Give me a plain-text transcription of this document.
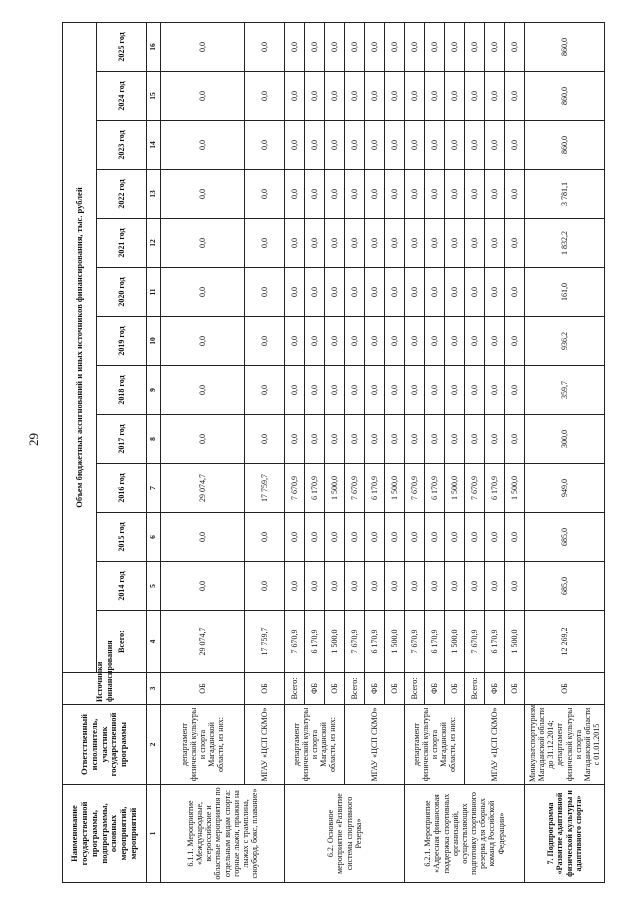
29
Наименование государственной программы, подпрограммы, основных мероприятий, мероприятий	Ответственный исполнитель, участник государственной программы	Источники финансирования	Объем бюджетных ассигнований и иных источников финансирования, тыс. рублей												
			Всего:	2014 год	2015 год	2016 год	2017 год	2018 год	2019 год	2020 год	2021 год	2022 год	2023 год	2024 год	2025 год
1	2	3	4	5	6	7	8	9	10	11	12	13	14	15	16
6.1.1. Мероприятие «Международные, всероссийские и областные мероприятия по отдельным видам спорта: горные лыжи, прыжки на лыжах с трамплина, сноуборд, бокс, плавание»	департамент физической культуры и спорта Магаданской области, из них:	ОБ	29 074,7	0,0	0,0	29 074,7	0,0	0,0	0,0	0,0	0,0	0,0	0,0	0,0	0,0
	МГАУ «ЦСП СКМО»	ОБ	17 759,7	0,0	0,0	17 759,7	0,0	0,0	0,0	0,0	0,0	0,0	0,0	0,0	0,0
6.2. Основное мероприятие «Развитие системы спортивного Резерва»	департамент физической культуры и спорта Магаданской области, из них:	Всего:	7 670,9	0,0	0,0	7 670,9	0,0	0,0	0,0	0,0	0,0	0,0	0,0	0,0	0,0
		ФБ	6 170,9	0,0	0,0	6 170,9	0,0	0,0	0,0	0,0	0,0	0,0	0,0	0,0	0,0
		ОБ	1 500,0	0,0	0,0	1 500,0	0,0	0,0	0,0	0,0	0,0	0,0	0,0	0,0	0,0
	МГАУ «ЦСП СКМО»	Всего:	7 670,9	0,0	0,0	7 670,9	0,0	0,0	0,0	0,0	0,0	0,0	0,0	0,0	0,0
		ФБ	6 170,9	0,0	0,0	6 170,9	0,0	0,0	0,0	0,0	0,0	0,0	0,0	0,0	0,0
		ОБ	1 500,0	0,0	0,0	1 500,0	0,0	0,0	0,0	0,0	0,0	0,0	0,0	0,0	0,0
6.2.1. Мероприятие «Адресная финансовая поддержка спортивных организаций, осуществляющих подготовку спортивного резерва для сборных команд Российской Федерации»	департамент физической культуры и спорта Магаданской области, из них:	Всего:	7 670,9	0,0	0,0	7 670,9	0,0	0,0	0,0	0,0	0,0	0,0	0,0	0,0	0,0
		ФБ	6 170,9	0,0	0,0	6 170,9	0,0	0,0	0,0	0,0	0,0	0,0	0,0	0,0	0,0
		ОБ	1 500,0	0,0	0,0	1 500,0	0,0	0,0	0,0	0,0	0,0	0,0	0,0	0,0	0,0
	МГАУ «ЦСП СКМО»	Всего:	7 670,9	0,0	0,0	7 670,9	0,0	0,0	0,0	0,0	0,0	0,0	0,0	0,0	0,0
		ФБ	6 170,9	0,0	0,0	6 170,9	0,0	0,0	0,0	0,0	0,0	0,0	0,0	0,0	0,0
		ОБ	1 500,0	0,0	0,0	1 500,0	0,0	0,0	0,0	0,0	0,0	0,0	0,0	0,0	0,0
7. Подпрограмма «Развитие адаптивной физической культуры и адаптивного спорта»	Минкультспорттуризм Магаданской области до 31.12.2014; департамент физической культуры и спорта Магаданской области с 01.01.2015	ОБ	12 269,2	685,0	685,0	949,0	300,0	359,7	936,2	161,0	1 832,2	3 781,1	860,0	860,0	860,0
